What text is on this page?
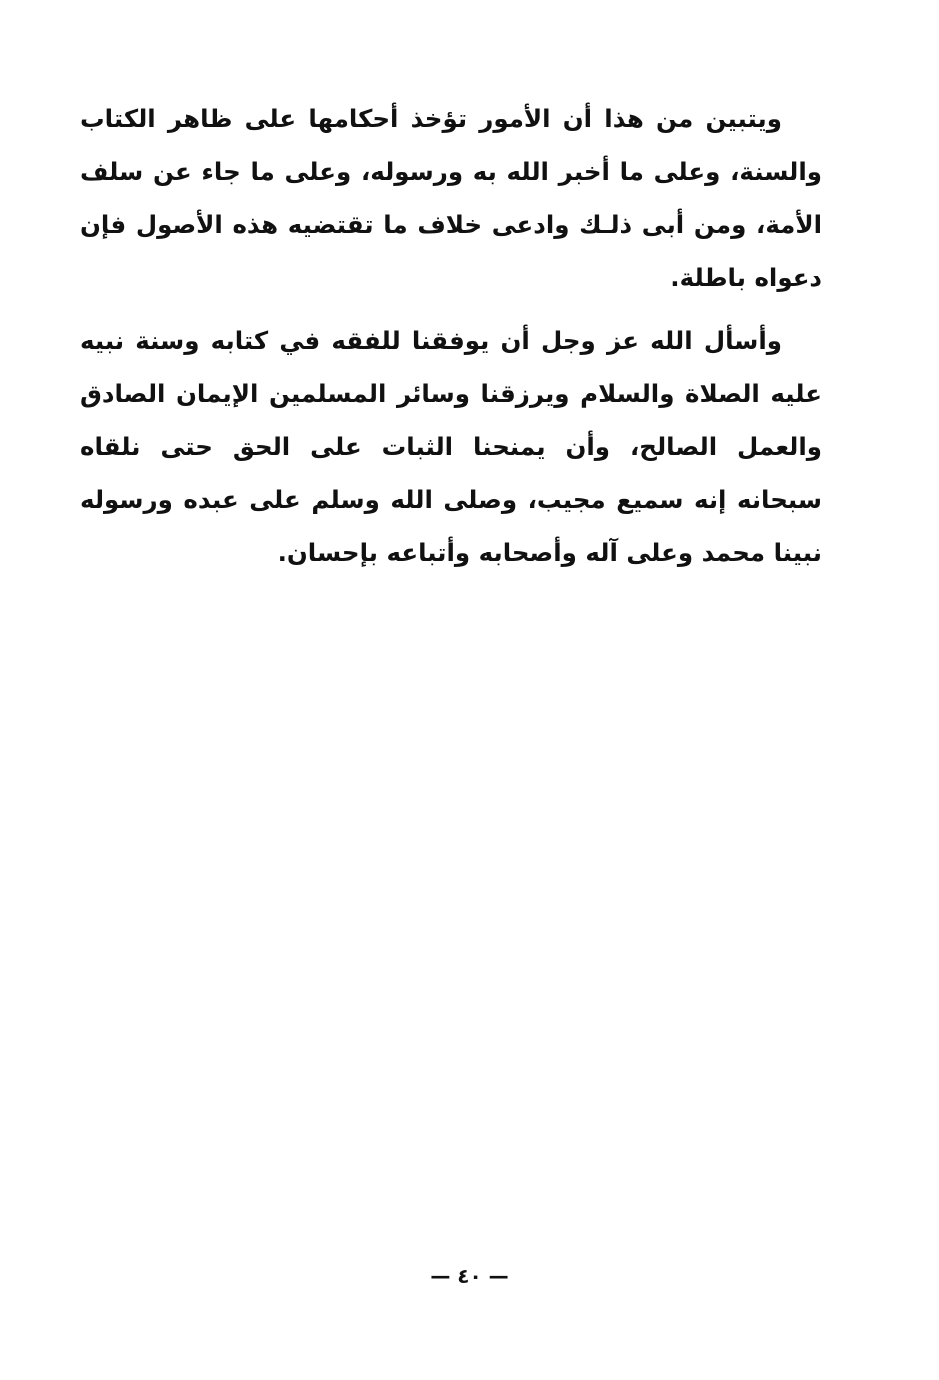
ويتبين من هذا أن الأمور تؤخذ أحكامها على ظاهر الكتاب والسنة، وعلى ما أخبر الله به ورسوله، وعلى ما جاء عن سلف الأمة، ومن أبى ذلـك وادعى خلاف ما تقتضيه هذه الأصول فإن دعواه باطلة.

وأسأل الله عز وجل أن يوفقنا للفقه في كتابه وسنة نبيه عليه الصلاة والسلام ويرزقنا وسائر المسلمين الإيمان الصادق والعمل الصالح، وأن يمنحنا الثبات على الحق حتى نلقاه سبحانه إنه سميع مجيب، وصلى الله وسلم على عبده ورسوله نبينا محمد وعلى آله وأصحابه وأتباعه بإحسان.

— ٤٠ —
